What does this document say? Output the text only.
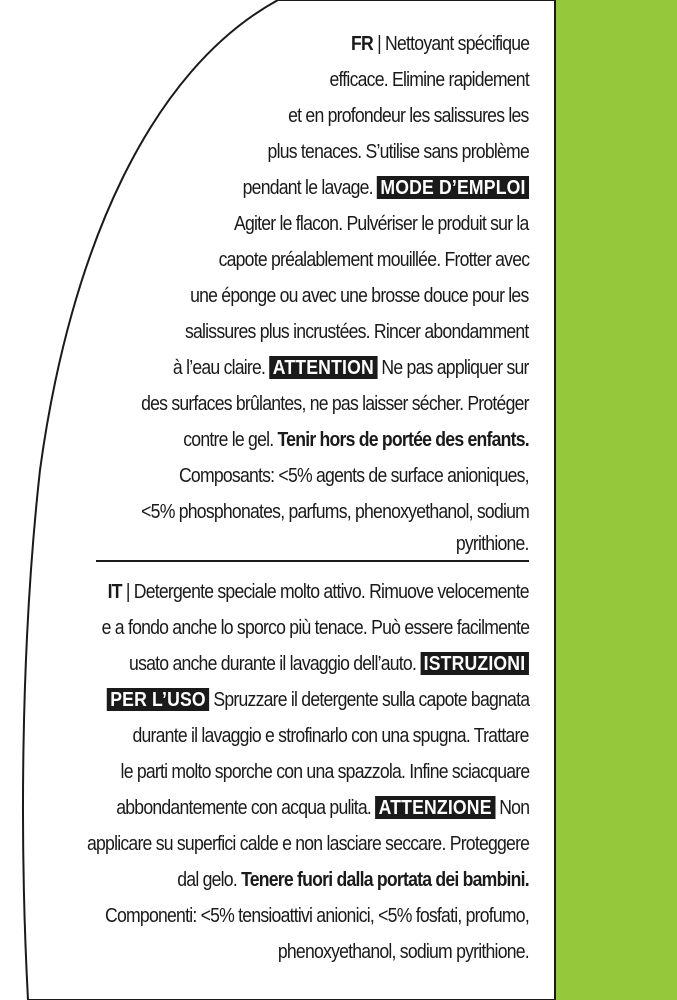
FR | Nettoyant spécifique
efficace. Elimine rapidement
et en profondeur les salissures les
plus tenaces. S’utilise sans problème
pendant le lavage. MODE D’EMPLOI
Agiter le flacon. Pulvériser le produit sur la
capote préalablement mouillée. Frotter avec
une éponge ou avec une brosse douce pour les
salissures plus incrustées. Rincer abondamment
à l’eau claire. ATTENTION Ne pas appliquer sur
des surfaces brûlantes, ne pas laisser sécher. Protéger
contre le gel. Tenir hors de portée des enfants.
Composants: <5% agents de surface anioniques,
<5% phosphonates, parfums, phenoxyethanol, sodium
pyrithione.
IT | Detergente speciale molto attivo. Rimuove velocemente
e a fondo anche lo sporco più tenace. Può essere facilmente
usato anche durante il lavaggio dell’auto. ISTRUZIONI
PER L’USO Spruzzare il detergente sulla capote bagnata
durante il lavaggio e strofinarlo con una spugna. Trattare
le parti molto sporche con una spazzola. Infine sciacquare
abbondantemente con acqua pulita. ATTENZIONE Non
applicare su superfici calde e non lasciare seccare. Proteggere
dal gelo. Tenere fuori dalla portata dei bambini.
Componenti: <5% tensioattivi anionici, <5% fosfati, profumo,
phenoxyethanol, sodium pyrithione.
